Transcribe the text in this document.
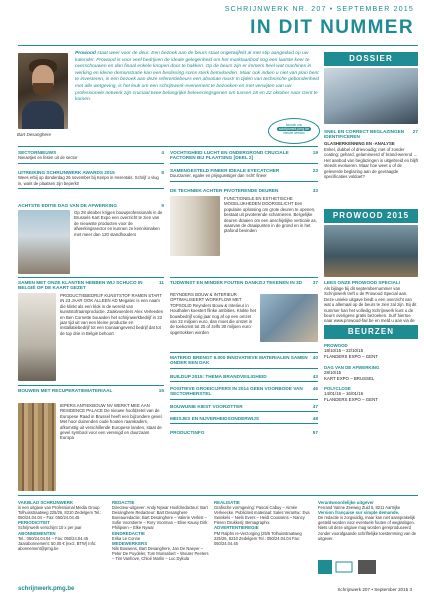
SCHRIJNWERK NR. 207 • SEPTEMBER 2015
IN DIT NUMMER
Bart Desanghere
Prowood staat weer voor de deur. Een bezoek aan de beurs staat ongetwijfeld al met stip aangeduid op uw kalender. Prowood is voor veel bedrijven de ideale gelegenheid om het marktaanbod nog een laatste keer te overschouwen en dan finaal enkele knopen door te hakken. Op de beurs zijn er immers heel wat machines in werking en kleine demonstratie kan een beslissing soms sterk beïnvloeden. Maar ook indien u niet van plan bent te investeren, is een bezoek aan deze referentiebeurs een absolute must! In tijden van technische gebondenheid met alle wetgeving, is het leuk om een schrijnwerk-evenement te bezoeken en met verwijten van uw professionele netwerk zijn cruciaal twee belangrijke beleveningsgenen om tussen 18 en 22 oktober naar Gent te komen.
bezoek ons
schrijnwerk.pmg.be
nieuwe website
SECTORNIEUWS	4
Nieuwtjes en feiten uit de sector
UITREIKING SCHRIJNWERK AWARDS 2015	8
Wees erbij op donderdag 26 november bij Kenpo in Herentals. Schrijf u vlug in, want de plaatsen zijn beperkt!
ACHTSTE EDITIE DAG VAN DE AFWERKING	9
Op 28 oktober krijgen bouwprofessionals in de Brussels Kart Expo een overzicht te zien van de nieuwste producten voor de afwerkingssector en kunnen ze kennismaken met meer dan 120 standhouders
SAMEN MET ONZE KLANTEN HEBBEN WIJ SCHUCO IN BELGIË OP DE KAART GEZET
11
PRODUCTIEBEDRIJF KUNSTSTOF RAMEN START IN 23 JAAR OOK ALLEEN AD Megatec is een naam die klinkt als een klok in de wereld van kunststofraamproductie. Zaakvoerders Alex Verleeden en Ben Cornette bouwden het schrijnwerkbedrijf in 23 jaar tijd uit van een kleine productie en installatiebedrijf tot een toonaangevend bedrijf dat tot de top drie in België behoort
BOUWEN MET RECUPERATIEMATERIAAL	15
IEPERS ANTIEKBOUW NV WERKT MEE AAN RESIDENCE PALACE De nieuwe hoofdzetel van de Europese Raad in Brussel heeft een bijzondere gevel. Met hoor duizenden oude houten raamkaders, afkomstig uit verschillende Europese landen, staat de gevel symbool voor een verenigd en duurzaam Europa
VOCHTIGHEID LUCHT EN ONDERGROND CRUCIALE FACTOREN BIJ PLAATSING [DEEL 2]
19
SAMENGESTELD FINEER IDEALE EYECATCHER	23
Duurzamer, egaler en prijsgunstiger dan 'echt' fineer
DE TECHNIEK ACHTER PIVOTERENDE DEUREN	33
FUNCTIONELE EN ESTHETISCHE MOGELIJKHEDEN DOORGELICHT Een populaire oplossing om grote deuren te openen, bestaat uit pivoterende scharnieren. Bergelijke deuren draaien om een anschijnlijke verticale as, waarvan de draaipunten in de grond en in het plafond bevinden
TIJDWINST EN MINDER FOUTEN DANKZIJ TEKENEN IN 3D 37
REYNDERS BOUW & INTERIEUR OPTIMALISEERT WORKFLOW MET TOPSOLID Reynders Bouw & Interieur in Houthalen koestert flinke ambities. Klokte het bouwbedrijf vorig jaar nog af op een omzet van 22 miljoen euro, dan moet die omzet in de toekomst tot 25 of zelfs 30 miljoen euro opgetrokken worden
MATERIO BRENGT 6.000 INNOVATIEVE MATERIALEN SAMEN ONDER EEN DAK
40
BUILDUP 2015: THEMA BRANDVEILIGHEID	43
POSITIEVE GROEICIJFERS IN 2014 GEEN VOORBODE VAN SECTORHERSTEL
46
BOUWUNIE KIEST VOORZITTER	47
MEISJES EN NIJVERHEIDSONDERWIJS	48
PRODUCTINFO	57
DOSSIER
SNEL EN CORRECT BEGLAZINGEN IDENTIFICEREN
27
GLASHERKENNING EN -ANALYSE
Enkel, dubbel of drievoudig; met of zonder coating; gehard, gelamineerd of brand-werend … Het aanbod van beglazingen is uitgebreid en blijft steeds evolueren. Maar hoe weet u of de geleverde beglazing aan de gevraagde specificaties voldoet?
PROWOOD 2015
LEES ONZE PROWOOD SPECIAL!
Als bijlage bij dit septembernummer van Schrijnwerk treft u de Prowood Special aan. Deze unieke uitgave biedt u een overzicht van wat u allemaal op de beurs te zien zal zijn. Bij dit nummer kan het volledig Schrijnwerk kunt u de beurs overigens gratis bezoeken. Surf hiertoe naar www.prowood-fair.be en meld u aan via de
BEURZEN
PROWOOD
18/10/15 – 22/10/15
FLANDERS EXPO – GENT
DAG VAN DE AFWERKING
28/10/15
KART EXPO – BRUSSEL
POLYCLOSE
14/01/16 – 16/01/16
FLANDERS EXPO – GENT
VAKBLAD SCHRIJNWERK
is een uitgave van Professional Media Group Tolhuisstraatweg 225/26, 8210 Zedelgem Tel.: 050/24.04.04 – Fax: 050/24.04.45
PERIODICITEIT
Schrijnwerk verschijnt 10 x per jaar
ABONNEMENTEN
Tel.: 050/24.04.04 – Fax: 050/24.04.45 Jaarabonnement: 50,00 € (excl. BTW) Info: abonnement@pmg.be
REDACTIE
Directeur-uitgever: Andy Nywar Hoofdredacteur: Bart Desanghere Redacteur: Bart Desanghere Bureauredactie: Bart Desanghere – Valerie Verkist – Sofie Voorstierre – Rory Voorman – Elise Kausy Dirk Philipsen – Elke Nywar
EINDREDACTIE
Erika Le Conne
MEDEWERKERS
Nils Bouwens, Bart Desanghere, Jan De Naeyer – Peter De Puydeler, Tom Monsabert – Wouter Peeters – Tim Vanhove, Chloé Marlin – Luc Dykula
REALISATIE
Grafische vormgeving: Pascal Cabuy – Aimée Verkeecke. Publiciteit materiaal: Sales Verantw.: Eva Swinkels – Niels Evers – Heidi Coussens – Nancy Pieren Drukkerij: Bemagraphix
ADVERTENTIEREGIE
PM Ralphs re-Verzorging (25/5 Tolhuisstraatweg 225/26, 8210 Zedelgem Tel.: 050/24.04.04 Fax: 050/24.04.45
Verantwoordelijke uitgever
Ferrand Vanne Zeeweg Zuid 5, 8211 Aartrijke
Version française sur simple demande.
De redactie is zorgvuldig, maar kan niet aansprakelijk gesteld worden voor eventuele fouten of weglatingen. Niets uit deze uitgave mag worden gereproduceerd zonder voorafgaande schriftelijke toestemming van de uitgever.
schrijnwerk.pmg.be	Schrijnwerk 207 • September 2015 3
